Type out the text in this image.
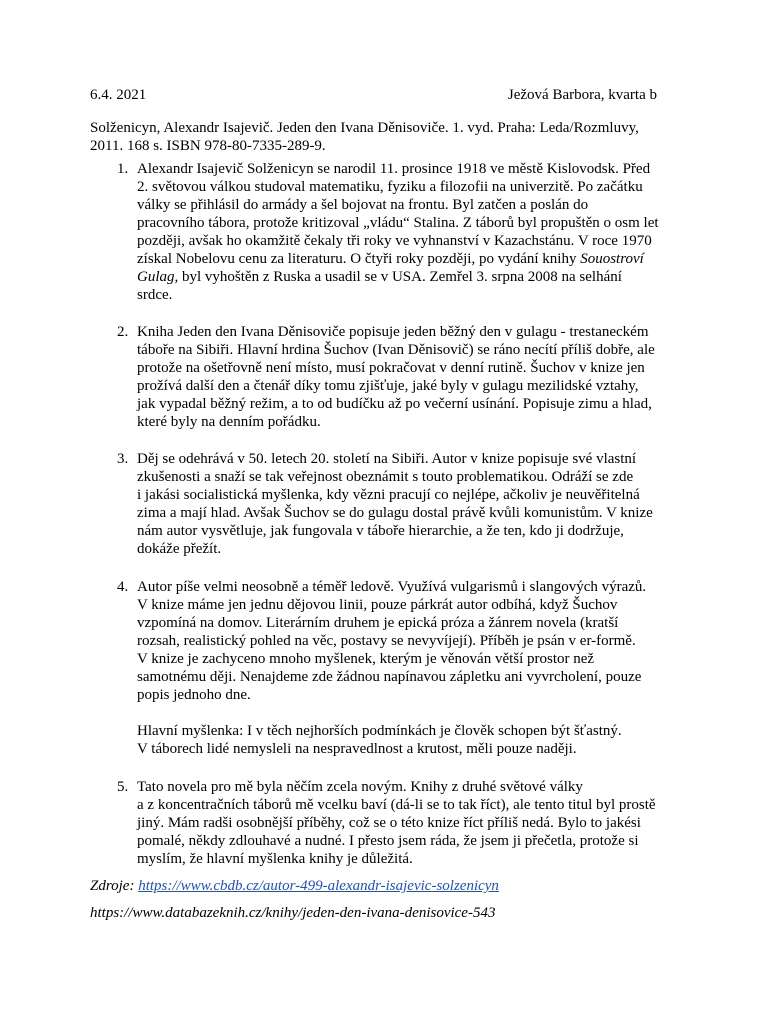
6.4. 2021	Ježová Barbora, kvarta b
Solženicyn, Alexandr Isajevič. Jeden den Ivana Děnisoviče. 1. vyd. Praha: Leda/Rozmluvy,
2011. 168 s. ISBN 978-80-7335-289-9.
1. Alexandr Isajevič Solženicyn se narodil 11. prosince 1918 ve městě Kislovodsk. Před
2. světovou válkou studoval matematiku, fyziku a filozofii na univerzitě. Po začátku
války se přihlásil do armády a šel bojovat na frontu. Byl zatčen a poslán do
pracovního tábora, protože kritizoval „vládu“ Stalina. Z táborů byl propuštěn o osm let
později, avšak ho okamžitě čekaly tři roky ve vyhnanství v Kazachstánu. V roce 1970
získal Nobelovu cenu za literaturu. O čtyři roky později, po vydání knihy Souostroví
Gulag, byl vyhoštěn z Ruska a usadil se v USA. Zemřel 3. srpna 2008 na selhání
srdce.
2. Kniha Jeden den Ivana Děnisoviče popisuje jeden běžný den v gulagu - trestaneckém
táboře na Sibiři. Hlavní hrdina Šuchov (Ivan Děnisovič) se ráno necítí příliš dobře, ale
protože na ošetřovně není místo, musí pokračovat v denní rutině. Šuchov v knize jen
prožívá další den a čtenář díky tomu zjišťuje, jaké byly v gulagu mezilidské vztahy,
jak vypadal běžný režim, a to od budíčku až po večerní usínání. Popisuje zimu a hlad,
které byly na denním pořádku.
3. Děj se odehrává v 50. letech 20. století na Sibiři. Autor v knize popisuje své vlastní
zkušenosti a snaží se tak veřejnost obeznámit s touto problematikou. Odráží se zde
i jakási socialistická myšlenka, kdy vězni pracují co nejlépe, ačkoliv je neuvěřitelná
zima a mají hlad. Avšak Šuchov se do gulagu dostal právě kvůli komunistům. V knize
nám autor vysvětluje, jak fungovala v táboře hierarchie, a že ten, kdo ji dodržuje,
dokáže přežít.
4. Autor píše velmi neosobně a téměř ledově. Využívá vulgarismů i slangových výrazů.
V knize máme jen jednu dějovou linii, pouze párkrát autor odbíhá, když Šuchov
vzpomíná na domov. Literárním druhem je epická próza a žánrem novela (kratší
rozsah, realistický pohled na věc, postavy se nevyvíjejí). Příběh je psán v er-formě.
V knize je zachyceno mnoho myšlenek, kterým je věnován větší prostor než
samotnému ději. Nenajdeme zde žádnou napínavou zápletku ani vyvrcholení, pouze
popis jednoho dne.
Hlavní myšlenka: I v těch nejhorších podmínkách je člověk schopen být šťastný.
V táborech lidé nemysleli na nespravedlnost a krutost, měli pouze naději.
5. Tato novela pro mě byla něčím zcela novým. Knihy z druhé světové války
a z koncentračních táborů mě vcelku baví (dá-li se to tak říct), ale tento titul byl prostě
jiný. Mám radši osobnější příběhy, což se o této knize říct příliš nedá. Bylo to jakési
pomalé, někdy zdlouhavé a nudné. I přesto jsem ráda, že jsem ji přečetla, protože si
myslím, že hlavní myšlenka knihy je důležitá.
Zdroje: https://www.cbdb.cz/autor-499-alexandr-isajevic-solzenicyn
https://www.databazeknih.cz/knihy/jeden-den-ivana-denisovice-543
